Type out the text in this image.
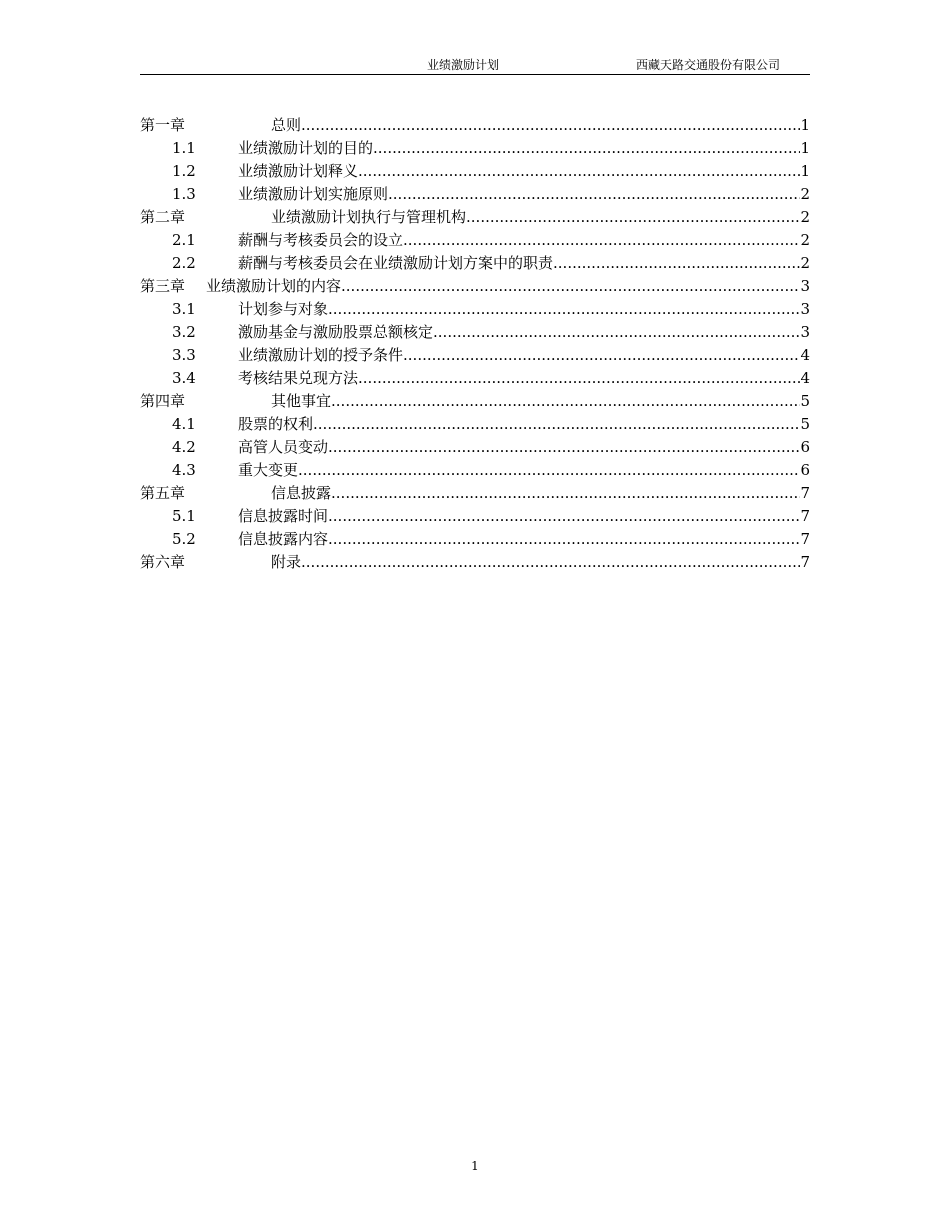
业绩激励计划	西藏天路交通股份有限公司
第一章	总则 .....	1
1.1	业绩激励计划的目的 .....	1
1.2	业绩激励计划释义 .....	1
1.3	业绩激励计划实施原则 .....	2
第二章	业绩激励计划执行与管理机构 .....	2
2.1	薪酬与考核委员会的设立 .....	2
2.2	薪酬与考核委员会在业绩激励计划方案中的职责 .....	2
第三章 业绩激励计划的内容 .....	3
3.1	计划参与对象 .....	3
3.2	激励基金与激励股票总额核定 .....	3
3.3	业绩激励计划的授予条件 .....	4
3.4	考核结果兑现方法 .....	4
第四章	其他事宜 .....	5
4.1	股票的权利 .....	5
4.2	高管人员变动 .....	6
4.3	重大变更 .....	6
第五章	信息披露 .....	7
5.1	信息披露时间 .....	7
5.2	信息披露内容 .....	7
第六章	附录 .....	7
1
